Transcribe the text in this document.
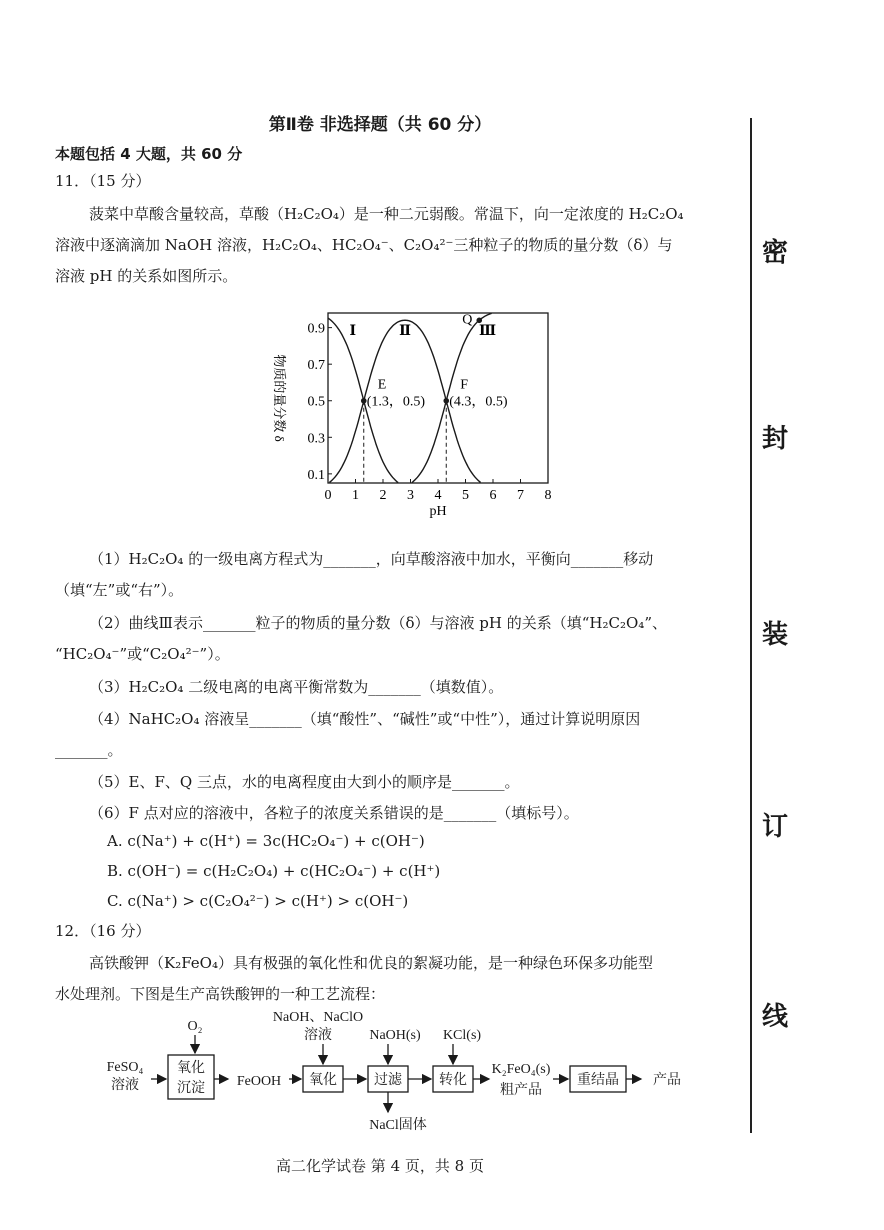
第Ⅱ卷 非选择题（共 60 分）
本题包括 4 大题，共 60 分
11．（15 分）
菠菜中草酸含量较高，草酸（H₂C₂O₄）是一种二元弱酸。常温下，向一定浓度的 H₂C₂O₄
溶液中逐滴滴加 NaOH 溶液，H₂C₂O₄、HC₂O₄⁻、C₂O₄²⁻三种粒子的物质的量分数（δ）与
溶液 pH 的关系如图所示。
物质的量分数 δ
pH
0 1 2 3 4 5 6 7 8
0.9
0.7
0.5
0.3
0.1
Ⅰ	Ⅱ	Ⅲ
E
(1.3，0.5)
F
(4.3，0.5)
Q
（1）H₂C₂O₄ 的一级电离方程式为_______，向草酸溶液中加水，平衡向_______移动
（填“左”或“右”）。
（2）曲线Ⅲ表示_______粒子的物质的量分数（δ）与溶液 pH 的关系（填“H₂C₂O₄”、
“HC₂O₄⁻”或“C₂O₄²⁻”）。
（3）H₂C₂O₄ 二级电离的电离平衡常数为_______（填数值）。
（4）NaHC₂O₄ 溶液呈_______（填“酸性”、“碱性”或“中性”），通过计算说明原因
_______。
（5）E、F、Q 三点，水的电离程度由大到小的顺序是_______。
（6）F 点对应的溶液中，各粒子的浓度关系错误的是_______（填标号）。
A. c(Na⁺) + c(H⁺) = 3c(HC₂O₄⁻) + c(OH⁻)
B. c(OH⁻) = c(H₂C₂O₄) + c(HC₂O₄⁻) + c(H⁺)
C. c(Na⁺) > c(C₂O₄²⁻) > c(H⁺) > c(OH⁻)
12．（16 分）
高铁酸钾（K₂FeO₄）具有极强的氧化性和优良的絮凝功能，是一种绿色环保多功能型
水处理剂。下图是生产高铁酸钾的一种工艺流程：
O₂
FeSO₄
溶液
氧化
沉淀 FeOOH
NaOH、NaClO
溶液
氧化
NaOH(s)
过滤
NaCl固体
KCl(s)
转化
K₂FeO₄(s)
粗产品
重结晶 产品
密
封
装
订
线
高二化学试卷 第 4 页，共 8 页
